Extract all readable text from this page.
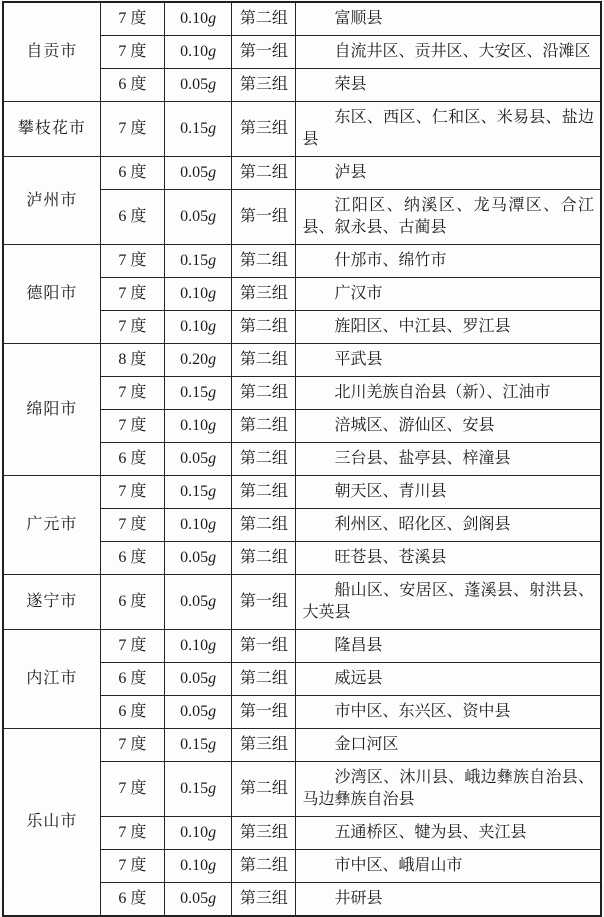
自贡市	7 度	0.10g	第二组	富顺县
	7 度	0.10g	第一组	自流井区、贡井区、大安区、沿滩区
	6 度	0.05g	第三组	荣县
攀枝花市	7 度	0.15g	第三组	东区、西区、仁和区、米易县、盐边县
泸州市	6 度	0.05g	第二组	泸县
	6 度	0.05g	第一组	江阳区、纳溪区、龙马潭区、合江县、叙永县、古蔺县
德阳市	7 度	0.15g	第二组	什邡市、绵竹市
	7 度	0.10g	第三组	广汉市
	7 度	0.10g	第二组	旌阳区、中江县、罗江县
绵阳市	8 度	0.20g	第二组	平武县
	7 度	0.15g	第二组	北川羌族自治县（新）、江油市
	7 度	0.10g	第二组	涪城区、游仙区、安县
	6 度	0.05g	第二组	三台县、盐亭县、梓潼县
广元市	7 度	0.15g	第二组	朝天区、青川县
	7 度	0.10g	第二组	利州区、昭化区、剑阁县
	6 度	0.05g	第二组	旺苍县、苍溪县
遂宁市	6 度	0.05g	第一组	船山区、安居区、蓬溪县、射洪县、大英县
内江市	7 度	0.10g	第一组	隆昌县
	6 度	0.05g	第二组	威远县
	6 度	0.05g	第一组	市中区、东兴区、资中县
乐山市	7 度	0.15g	第三组	金口河区
	7 度	0.15g	第二组	沙湾区、沐川县、峨边彝族自治县、马边彝族自治县
	7 度	0.10g	第三组	五通桥区、犍为县、夹江县
	7 度	0.10g	第二组	市中区、峨眉山市
	6 度	0.05g	第三组	井研县
